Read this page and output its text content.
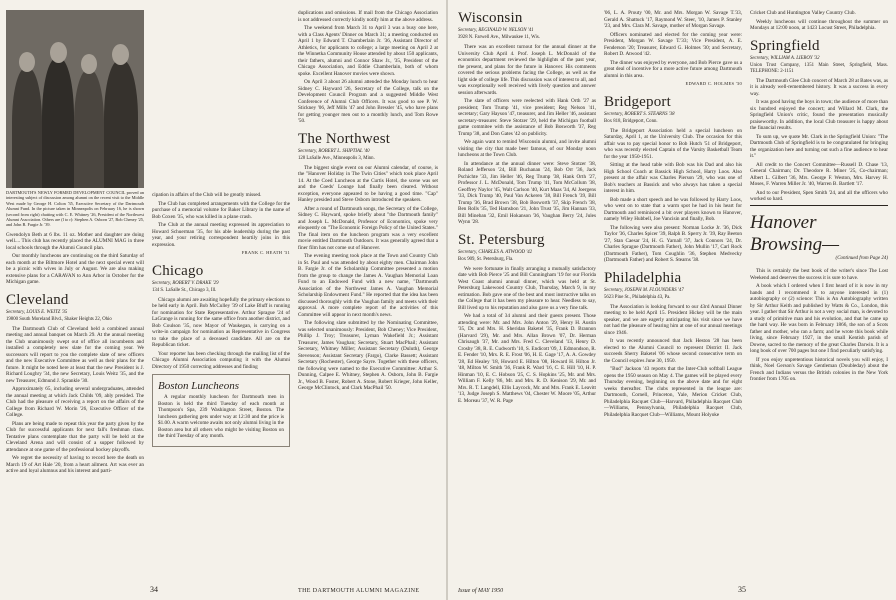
DARTMOUTH'S NEWLY FORMED DEVELOPMENT COUNCIL proved an interesting subject of discussion among alumni on the recent visit to the Middle West made by George H. Colton '35, Executive Secretary of the Dartmouth Alumni Fund. In the picture taken in Minneapolis on February 16, he is shown (second from right) chatting with C. E. Whitney '26, President of the Northwest Alumni Association. Others are (l to r): Stephen A. Osborn '27, Bob Cheney '25, and John B. Fargie Jr. '39.

Gwendolyn Beth at 6 lbs. 11 oz. Mother and daughter are doing well.... This club has recently placed the ALUMNI MAG in three local schools through the Alumni Council plan.

Our monthly luncheons are continuing on the third Saturday of each month at the Biltmore Hotel and the next special event will be a picnic with wives in July or August. We are also making extensive plans for a CARAVAN to Ann Arbor in October for the Michigan game.

Cleveland
Secretary, LOUIS E. WEITZ '35
19800 South Moreland Blvd., Shaker Heights 22, Ohio

The Dartmouth Club of Cleveland held a combined annual meeting and annual banquet on March 29. At the annual meeting the Club unanimously swept out of office all incumbents and installed a completely new slate for the coming year. We successors will report to you the complete slate of new officers and the new Executive Committee as well as their plans for the future. It might be noted here at least that the new President is J. Richard Loughry '34, the new Secretary, Louis Weitz '35, and the new Treasurer, Edmund J. Sprankle '30.

Approximately 65, including several undergraduates, attended the annual meeting at which Jack Childs '09, ably presided. The Club had the pleasure of receiving a report on the affairs of the College from Richard W. Morin '26, Executive Officer of the College.

Plans are being made to repeat this year the party given by the Club for successful applicants for next fall's freshman class. Tentative plans contemplate that the party will be held at the Cleveland Arena and will consist of a supper followed by attendance at one game of the professional hockey playoffs.

We regret the necessity of having to record here the death on March 19 of Art Hale '20, from a heart ailment. Art was ever an active and loyal alumnus and his interest and parti-

cipation in affairs of the Club will be greatly missed.

The Club has completed arrangements with the College for the purchase of a memorial volume for Baker Library in the name of Bob Coxen '35, who was killed in a plane crash.

The Club at the annual meeting expressed its appreciation to Howard Schuerman '35, for his able leadership during the past year, and your retiring correspondent heartily joins in this expression.

FRANK C. HEATH '31
Chicago
Secretary, ROBERT V. DRAKE '29
134 S. LaSalle St., Chicago 3, Ill.

Chicago alumni are awaiting hopefully the primary elections to be held early in April. Bob McCulley '39 of Lake Bluff is running for nomination for State Representative. Arthur Sprague '24 of LaGrange is running for the same office from another district, and Bob Coulson '35, now Mayor of Waukegan, is carrying on a write-in campaign for nomination as Representative in Congress to take the place of a deceased candidate. All are on the Republican ticket.

Your reporter has been checking through the mailing list of the Chicago Alumni Association computing it with the Alumni Directory of 1950 correcting addresses and finding

Boston Luncheons

A regular monthly luncheon for Dartmouth men in Boston is held the third Tuesday of each month at Thompson's Spa, 239 Washington Street, Boston. The luncheon gathering gets under way at 12:30 and the price is $1.00. A warm welcome awaits not only alumni living in the Boston area but all others who might be visiting Boston on the third Tuesday of any month.

duplications and omissions. If mail from the Chicago Association is not addressed correctly kindly notify him at the above address.

The weekend from March 31 to April 3 was a busy one here, with a Class Agents' Dinner on March 31; a meeting conducted on April 1 by Edward T. Chamberlain Jr. '36, Assistant Director of Athletics, for applicants to college; a large meeting on April 2 at the Winnetka Community House attended by about 150 applicants, their fathers, alumni and Connor Shaw Jr., '35, President of the Chicago Association, and Eddie Chamberlain, both of whom spoke. Excellent Hanover movies were shown.

On April 3 about 26 alumni attended the Monday lunch to hear Sidney C. Hayward '26, Secretary of the College, talk on the Development Council Program and a suggested Middle West Conference of Alumni Club Officers. It was good to see P. W. Stickney '06, Jeff Mills '47 and John Bressler '45, who have plans for getting younger men out to a monthly lunch, and Tom Rowe '50.

The Northwest
Secretary, ROBERT L. SHIPTIAL '40
128 LaSalle Ave., Minneapolis 3, Minn.

The biggest single event on our Alumni calendar, of course, is the "Hanover Holiday in The Twin Cities" which took place April 14. At the Coed Luncheon at the Curtis Hotel, the scene was set and the Coeds' Lounge had finally been cleared. Without exception, everyone appeared to be having a good time. "Cap" Hanley presided and Steve Osborn introduced the speakers.

After a round of Dartmouth songs, the Secretary of the College, Sidney C. Hayward, spoke briefly about "the Dartmouth family" and Joseph L. McDonald, Professor of Economics, spoke very eloquently on "The Economic Foreign Policy of the United States." The final item on the luncheon program was a very excellent movie entitled Dartmouth Outdoors. It was generally agreed that a finer film has not come out of Hanover.

The evening meeting took place at the Town and Country Club in St. Paul and was attended by about eighty men. Chairman John B. Fargie Jr. of the Scholarship Committee presented a motion from the group to change the James A. Vaughan Memorial Loan Fund to an Endowed Fund with a new name, "Dartmouth Association of the Northwest James A. Vaughan Memorial Scholarship Endowment Fund." He reported that the idea has been discussed thoroughly with the Vaughan family and meets with their approval. A more complete report of the activities of this Committee will appear in next month's news.

The following slate submitted by the Nominating Committee, was selected unanimously: President, Bob Cheney; Vice President, Phillip J. Troy; Treasurer, Lyman Wakefield Jr.; Assistant Treasurer, James Vaughan; Secretary, Stuart MacPhail; Assistant Secretary, Whitney Miller; Assistant Secretary (Duluth), George Stevenson; Assistant Secretary (Fargo), Clarke Bassett; Assistant Secretary (Rochester), George Sayre. Together with these officers, the following were named to the Executive Committee: Arthur S. Dunning, Calpee E. Whitney, Stephen A. Osborn, John B. Fargie Jr., Wood B. Foster, Robert A. Stone, Robert Krieger, John Keller, George McClintock, and Clark MacPhail '50.

34	THE DARTMOUTH ALUMNI MAGAZINE
Wisconsin
Secretary, REGINALD W. NELSON '41
3928 N. Farwell Ave., Milwaukee 11, Wis.

There was an excellent turnout for the annual dinner at the University Club April 4. Prof. Joseph L. McDonald of the economics department reviewed the highlights of the past year, the present, and plans for the future in Hanover. His comments covered the serious problems facing the College, as well as the light side of college life. This discussion was of interest to all, and was exceptionally well received with lively question and answer session afterwards.

The slate of officers were reelected with Hank Orth '27 as president; Tom Trump '41, vice president; Reg Nelson '41, secretary; Gary Hayson '47, treasurer, and Jim Heller '46, assistant secretary-treasurer. Steve Stotzer '29, held the Michigan football game commitee with the assistance of Bob Bosworth '37, Reg Trump '38, and Don Gates '42 on publicity.

We again want to remind Wisconsin alumni, and invite alumni visiting the city that made beer famous, of our Monday noon luncheons at the Town Club.

In attendance at the annual dinner were: Steve Stotzer '38, Roland Jefferson '24, Bill Buchanan '24, Bob Orr '36, Jack Pschichte '33, Jim Heller '46, Reg Trump '38, Hank Orth '27, Professor J. L. McDonald, Tom Trump '41, Tom McCollum '38, Geoffrey Naylor '45, Walt Carlson '40, Kurt Maas '34, Al Joergens '33, Dick Trump '40, Paul Van Ackeren '38, Bill French '39, Bill Trump '36, Brad Brown '38, Bob Bosworth '37, Skip French '38, Ben Rolls '35, Ted Hamsbon '21, John Trust '35, Jim Hannan '33, Bill Mineban '32, Emil Hokanson '36, Vaughan Berry '24, Jules Wynn '28.

St. Petersburg
Secretary, CHARLES A. ATWOOD '42
Box 909, St. Petersburg, Fla.

We were fortunate in finally arranging a mutually satisfactory date with Bob Pierce '25 and Bill Cunningham '19 for our Florida West Coast alumni annual dinner, which was held at St. Petersburg Lakewood Country Club, Thursday, March 9, in my estimation. Bob gave one of the best and most instructive talks on the College that it has been my pleasure to hear. Needless to say, Bill lived up to his reputation and also gave us a very fine talk.

We had a total of 34 alumni and their guests present. Those attending were: Mr. and Mrs. John Anton '29, Henry H. Austin '35, Dr. and Mrs. H. Sheridan Baketel '35, Frank D. Brannon (Harvard '29), Mr. and Mrs. Allan Brown '07, Dr. Herman Chrisaugh '37, Mr. and Mrs. Fred C. Cleveland '13, Henry D. Crosby '38, R. E. Cudworth '10, S. Endicott '09, J. Edmondson, R. E. Fender '10, Mrs. R. E. Frost '06, H. E. Gage '17, A. A. Gowdey '28, Ed Healey '18, Howard E. Hilton '08, Howard H. Hilton Jr. '48, Milton W. Smith '36, Frank R. Ward '16, C. E. Hill '10, H. P. Hinman '10, E. C. Hobson '25, C. S. Hopkins '25, Mr. and Mrs. William F. Kelly '86, Mr. and Mrs. R. D. Kenison '29, Mr. and Mrs. R. T. Langdell, Ellis Laycock, Mr. and Mrs. Frank E. Leavitt '13, Judge Joseph S. Matthews '04, Chester W. Moore '05, Arthur E. Moreau '37, W. R. Page

'06, L. A. Prouty '00, Mr. and Mrs. Morgan W. Savage T.'33, Gerald A. Shattuck '17, Raymond W. Steer, '10, James P. Stanley '23, and Mrs. Clara M. Savage, mother of Morgan Savage.

Officers nominated and elected for the coming year were: President, Morgan W. Savage T.'33; Vice President, A. E. Fenderson '20; Treasurer, Edward G. Holmes '30; and Secretary, Robert D. Atwood '42.

The dinner was enjoyed by everyone, and Bob Pierce gave us a great deal of incentive for a more active future among Dartmouth alumni in this area.

EDWARD C. HOLMES '30
Bridgeport
Secretary, ROBERT S. STEARNS '38
Box 818, Bridgeport, Conn.

The Bridgeport Association held a special luncheon on Saturday, April 1, at the University Club. The occasion for this affair was to pay special honor to Bob Hutch '51 of Bridgeport, who was recently elected Captain of the Varsity Basketball Team for the year 1950-1951.

Sitting at the head table with Bob was his Dad and also his High School Coach at Bassick High School, Harry Loos. Also present at the affair was Charles Pierson '29, who was one of Bob's teachers at Bassick and who always has taken a special interest in him.

Bob made a short speech and he was followed by Harry Loos, who went on to state that a warm spot he had in his heart for Dartmouth and reminisced a bit over players known to Hanover, namely Wiley Hubbell, Joe Vancisin and finally, Bob.

The following were also present: Norman Locke Jr. '36, Dick Taylor '36, Charles Spicer '39, Ralph B. Sperry Jr. '39, Ray Beeton '27, Stan Caesar '24, H. G. Yarnall '37, Jack Connors '24, Dr. Charles Sprague (Dartmouth Father), John Mullin '17, Carl Rock (Dartmouth Father), Tom Coughlin '36, Stephen Medvecky (Dartmouth Father) and Robert S. Stearns '38.

Philadelphia
Secretary, JOSEPH M. FLOUNDERS '47
5623 Pine St., Philadelphia 43, Pa.

The Association is looking forward to our 43rd Annual Dinner meeting to be held April 15. President Hickey will be the main speaker, and we are eagerly anticipating his visit since we have not had the pleasure of hearing him at one of our annual meetings since 1946.

It was recently announced that Jack Heston '28 has been elected to the Alumni Council to represent District II. Jack succeeds Sherry Baketel '06 whose second consecutive term on the Council expires June 30, 1950.

"Bud" Jackson '43 reports that the Inter-Club softball League opens the 1950 season on May 4. The games will be played every Thursday evening, beginning on the above date and for eight weeks thereafter. The clubs represented in the league are: Dartmouth, Cornell, Princeton, Yale, Merion Cricket Club, Philadelphia Racquet Club—Harvard, Philadelphia Racquet Club—Williams, Pennsylvania, Philadelphia Racquet Club, Philadelphia Racquet Club—Williams, Mount Holyoke

Cricket Club and Huntington Valley Country Club.

Weekly luncheons will continue throughout the summer on Mondays at 12:00 noon, at 1423 Locust Street, Philadelphia.

Springfield
Secretary, WILLIAM A. LIEBOY '32
Union Trust Company, 1351 Main Street, Springfield, Mass. TELEPHONE: 2-1151

The Dartmouth Glee Club concert of March 28 at Bates was, as it is already well-remembered history. It was a success in every way.

It was good having the boys in town; the audience of more than six hundred enjoyed the concert; and Willard M. Clark, the Springfield Union's critic, found the presentation musically praiseworthy. In addition, the local Club treasurer is happy about the financial results.

To sum up, we quote Mr. Clark in the Springfield Union: "The Dartmouth Club of Springfield is to be congratulated for bringing the organization here and turning out such a fine audience to hear it."

All credit to the Concert Committee—Russell D. Chase '13, General Chairman; Dr. Theodore R. Miner '25, Co-chairman; Albert L. Gilbert '36, Mrs. George F. Weston, Mrs. Harvey H. Moses, F. Warren Miller Jr. '40, Warren B. Bartlett '17.

And to our President, Spen Smith '24, and all the officers who worked so hard.

Hanover Browsing—
(Continued from Page 24)

This is certainly the best book of the writer's since The Lost Weekend and deserves the success it is sure to have.

A book which I ordered when I first heard of it is now in my hands and I recommend it to anyone interested in (1) autobiography or (2) science: This is An Autobiography written by Sir Arthur Keith and published by Watts & Co., London, this year. I gather that Sir Arthur is not a very social man, is devoted to a study of primitive man and his evolution, and that he came up the hard way. He was born in February 1866, the son of a Scots father and mother, who ran a farm; and he wrote this book while living, since February 1927, in the small Kentish parish of Downe, sacred to the memory of the great Charles Darwin. It is a long book of over 700 pages but one I find peculiarly satisfying.

If you enjoy unpretentious historical novels you will enjoy, I think, Noel Gerson's Savage Gentleman (Doubleday) about the French and Indians versus the British colonies in the New York frontier from 1705 on.

Issue of MAY 1950	35
